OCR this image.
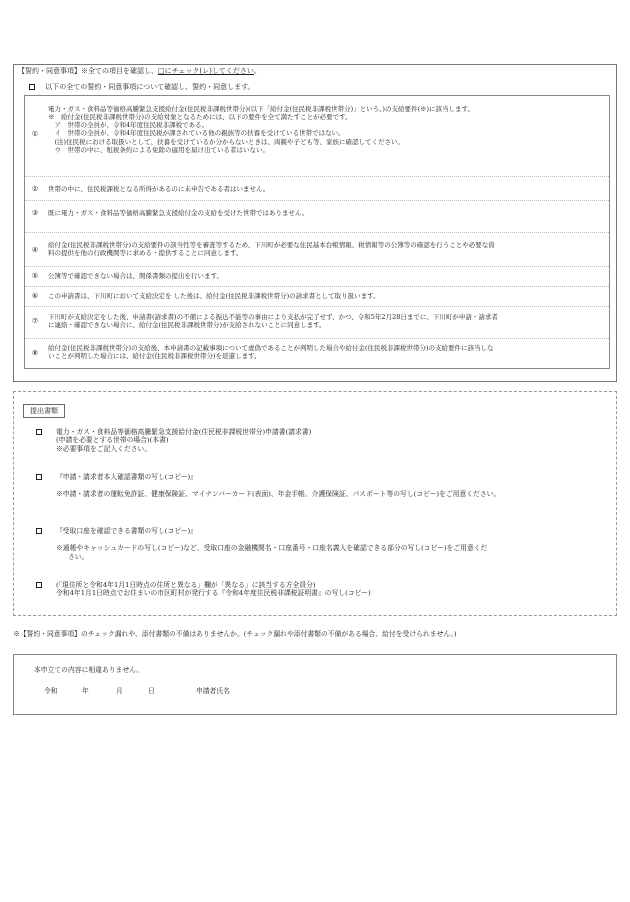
【誓約・同意事項】※全ての項目を確認し、□にチェック(レ)してください。
以下の全ての誓約・同意事項について確認し、誓約・同意します。
①
電力・ガス・食料品等価格高騰緊急支援給付金(住民税非課税世帯分)(以下「給付金(住民税非課税世帯分)」という。)の支給要件(※)に該当します。
※　給付金(住民税非課税世帯分)の支給対象となるためには、以下の要件を全て満たすことが必要です。
　ア　世帯の全員が、令和4年度住民税非課税である。
　イ　世帯の全員が、令和4年度住民税が課されている他の親族等の扶養を受けている世帯ではない。
　(注)住民税における取扱いとして、扶養を受けているか分からないときは、両親や子ども等、家族に確認してください。
　ウ　世帯の中に、租税条約による免除の適用を届け出ている者はいない。
②	世帯の中に、住民税課税となる所得があるのに未申告である者はいません。
③	既に電力・ガス・食料品等価格高騰緊急支援給付金の支給を受けた世帯ではありません。
④
給付金(住民税非課税世帯分)の支給要件の該当性等を審査等するため、下川町が必要な住民基本台帳情報、税情報等の公簿等の確認を行うことや必要な資
料の提供を他の行政機関等に求める・提供することに同意します。
⑤	公簿等で確認できない場合は、関係書類の提出を行います。
⑥	この申請書は、下川町において支給決定を した後は、給付金(住民税非課税世帯分)の請求書として取り扱います。
⑦	下川町が支給決定をした後、申請書(請求書)の不備による振込不能等の事由により支払が完了せず、かつ、令和5年2月28日までに、下川町が申請・請求者
に連絡・確認できない場合に、給付金(住民税非課税世帯分)が支給されないことに同意します。
⑧
給付金(住民税非課税世帯分)の支給後、本申請書の記載事項について虚偽であることが判明した場合や給付金(住民税非課税世帯分)の支給要件に該当しな
いことが判明した場合には、給付金(住民税非課税世帯分)を返還します。
提出書類
電力・ガス・食料品等価格高騰緊急支援給付金(住民税非課税世帯分)申請書(請求書)
(申請を必要とする世帯の場合)(本書)
※必要事項をご記入ください。
『申請・請求者本人確認書類の写し(コピー)』
※申請・請求者の運転免許証、健康保険証、マイナンバーカード(表面)、年金手帳、介護保険証、パスポート等の写し(コピー)をご用意ください。
『受取口座を確認できる書類の写し(コピー)』
※通帳やキャッシュカードの写し(コピー)など、受取口座の金融機関名・口座番号・口座名義人を確認できる部分の写し(コピー)をご用意くだ
さい。
(「現住所と令和4年1月1日時点の住所と異なる」欄が「異なる」に該当する方全員分)
令和4年1月1日時点でお住まいの市区町村が発行する『令和4年度住民税非課税証明書』の写し(コピー)
※【誓約・同意事項】のチェック漏れや、添付書類の不備はありませんか。(チェック漏れや添付書類の不備がある場合、給付を受けられません。)
本申立ての内容に相違ありません。
令和	年	月	日	申請者氏名
